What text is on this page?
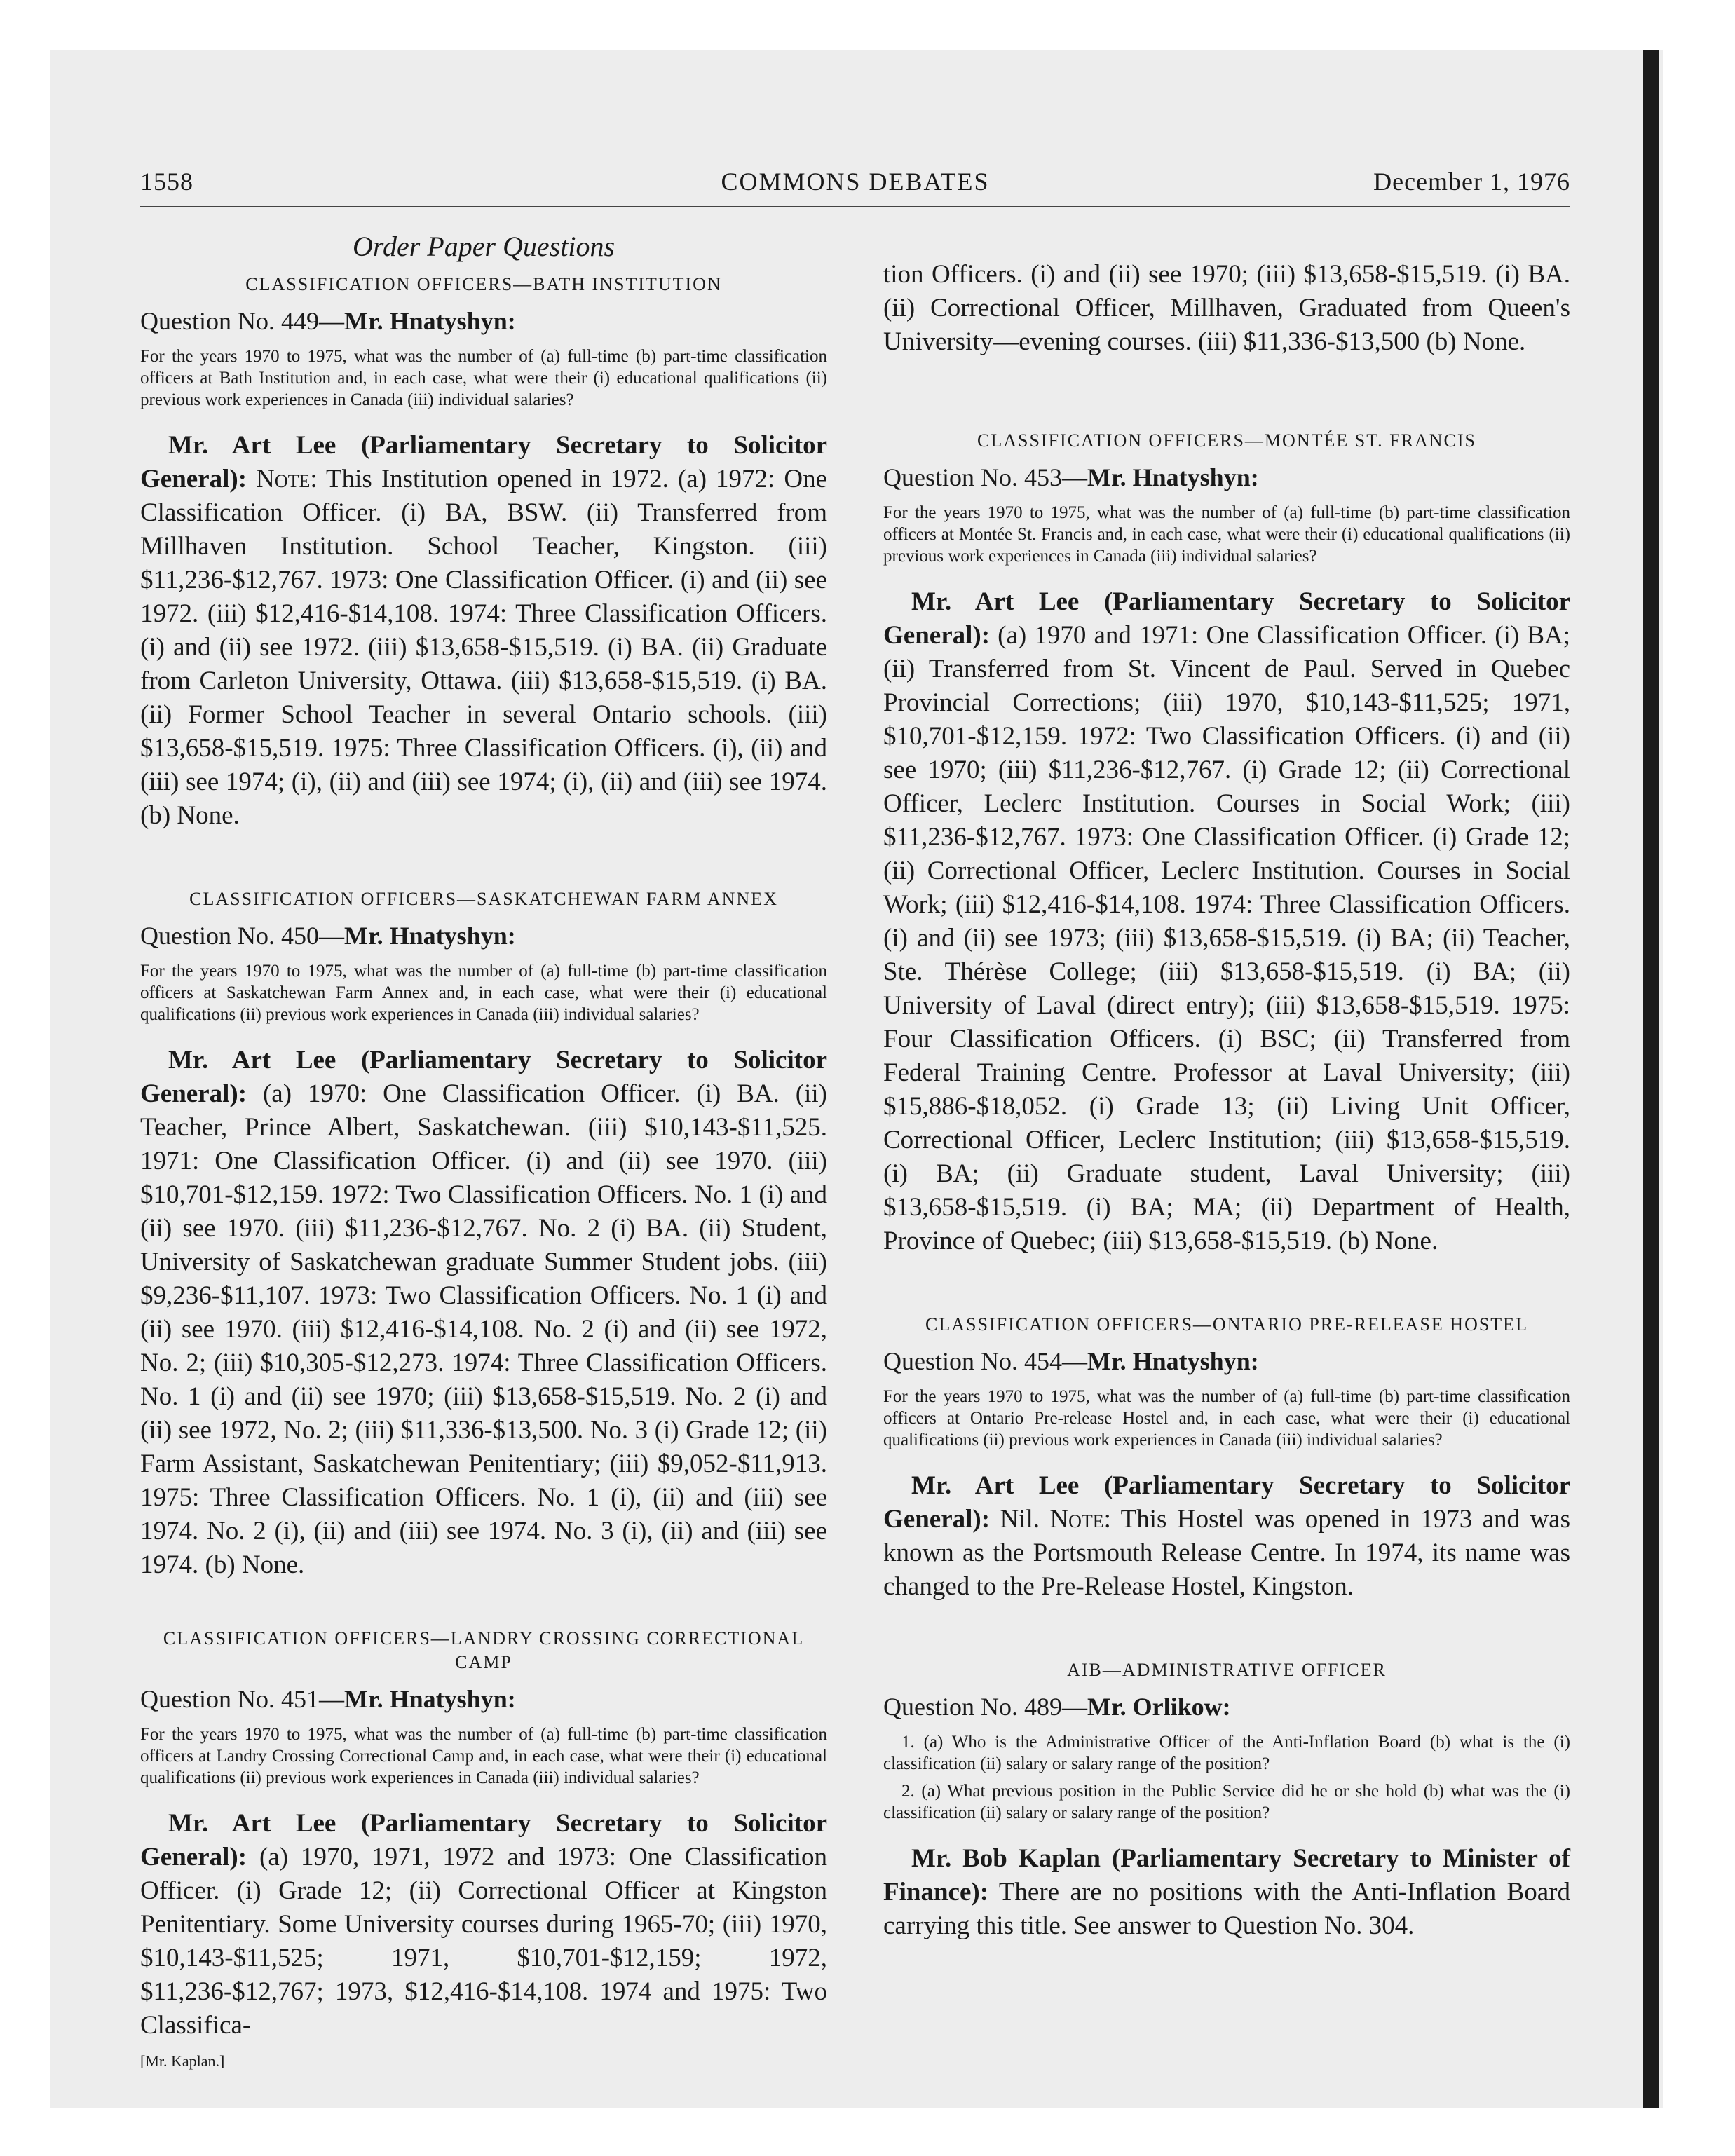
1558	COMMONS DEBATES	December 1, 1976
Order Paper Questions
CLASSIFICATION OFFICERS—BATH INSTITUTION
Question No. 449—Mr. Hnatyshyn:

For the years 1970 to 1975, what was the number of (a) full-time (b) part-time classification officers at Bath Institution and, in each case, what were their (i) educational qualifications (ii) previous work experiences in Canada (iii) individual salaries?

Mr. Art Lee (Parliamentary Secretary to Solicitor General): Note: This Institution opened in 1972. (a) 1972: One Classification Officer. (i) BA, BSW. (ii) Transferred from Millhaven Institution. School Teacher, Kingston. (iii) $11,236-$12,767. 1973: One Classification Officer. (i) and (ii) see 1972. (iii) $12,416-$14,108. 1974: Three Classification Officers. (i) and (ii) see 1972. (iii) $13,658-$15,519. (i) BA. (ii) Graduate from Carleton University, Ottawa. (iii) $13,658-$15,519. (i) BA. (ii) Former School Teacher in several Ontario schools. (iii) $13,658-$15,519. 1975: Three Classification Officers. (i), (ii) and (iii) see 1974; (i), (ii) and (iii) see 1974; (i), (ii) and (iii) see 1974. (b) None.

CLASSIFICATION OFFICERS—SASKATCHEWAN FARM ANNEX
Question No. 450—Mr. Hnatyshyn:

For the years 1970 to 1975, what was the number of (a) full-time (b) part-time classification officers at Saskatchewan Farm Annex and, in each case, what were their (i) educational qualifications (ii) previous work experiences in Canada (iii) individual salaries?

Mr. Art Lee (Parliamentary Secretary to Solicitor General): (a) 1970: One Classification Officer. (i) BA. (ii) Teacher, Prince Albert, Saskatchewan. (iii) $10,143-$11,525. 1971: One Classification Officer. (i) and (ii) see 1970. (iii) $10,701-$12,159. 1972: Two Classification Officers. No. 1 (i) and (ii) see 1970. (iii) $11,236-$12,767. No. 2 (i) BA. (ii) Student, University of Saskatchewan graduate Summer Student jobs. (iii) $9,236-$11,107. 1973: Two Classification Officers. No. 1 (i) and (ii) see 1970. (iii) $12,416-$14,108. No. 2 (i) and (ii) see 1972, No. 2; (iii) $10,305-$12,273. 1974: Three Classification Officers. No. 1 (i) and (ii) see 1970; (iii) $13,658-$15,519. No. 2 (i) and (ii) see 1972, No. 2; (iii) $11,336-$13,500. No. 3 (i) Grade 12; (ii) Farm Assistant, Saskatchewan Penitentiary; (iii) $9,052-$11,913. 1975: Three Classification Officers. No. 1 (i), (ii) and (iii) see 1974. No. 2 (i), (ii) and (iii) see 1974. No. 3 (i), (ii) and (iii) see 1974. (b) None.

CLASSIFICATION OFFICERS—LANDRY CROSSING CORRECTIONAL CAMP
Question No. 451—Mr. Hnatyshyn:

For the years 1970 to 1975, what was the number of (a) full-time (b) part-time classification officers at Landry Crossing Correctional Camp and, in each case, what were their (i) educational qualifications (ii) previous work experiences in Canada (iii) individual salaries?

Mr. Art Lee (Parliamentary Secretary to Solicitor General): (a) 1970, 1971, 1972 and 1973: One Classification Officer. (i) Grade 12; (ii) Correctional Officer at Kingston Penitentiary. Some University courses during 1965-70; (iii) 1970, $10,143-$11,525; 1971, $10,701-$12,159; 1972, $11,236-$12,767; 1973, $12,416-$14,108. 1974 and 1975: Two Classifica-

[Mr. Kaplan.]

tion Officers. (i) and (ii) see 1970; (iii) $13,658-$15,519. (i) BA. (ii) Correctional Officer, Millhaven, Graduated from Queen's University—evening courses. (iii) $11,336-$13,500 (b) None.

CLASSIFICATION OFFICERS—MONTÉE ST. FRANCIS
Question No. 453—Mr. Hnatyshyn:

For the years 1970 to 1975, what was the number of (a) full-time (b) part-time classification officers at Montée St. Francis and, in each case, what were their (i) educational qualifications (ii) previous work experiences in Canada (iii) individual salaries?

Mr. Art Lee (Parliamentary Secretary to Solicitor General): (a) 1970 and 1971: One Classification Officer. (i) BA; (ii) Transferred from St. Vincent de Paul. Served in Quebec Provincial Corrections; (iii) 1970, $10,143-$11,525; 1971, $10,701-$12,159. 1972: Two Classification Officers. (i) and (ii) see 1970; (iii) $11,236-$12,767. (i) Grade 12; (ii) Correctional Officer, Leclerc Institution. Courses in Social Work; (iii) $11,236-$12,767. 1973: One Classification Officer. (i) Grade 12; (ii) Correctional Officer, Leclerc Institution. Courses in Social Work; (iii) $12,416-$14,108. 1974: Three Classification Officers. (i) and (ii) see 1973; (iii) $13,658-$15,519. (i) BA; (ii) Teacher, Ste. Thérèse College; (iii) $13,658-$15,519. (i) BA; (ii) University of Laval (direct entry); (iii) $13,658-$15,519. 1975: Four Classification Officers. (i) BSC; (ii) Transferred from Federal Training Centre. Professor at Laval University; (iii) $15,886-$18,052. (i) Grade 13; (ii) Living Unit Officer, Correctional Officer, Leclerc Institution; (iii) $13,658-$15,519. (i) BA; (ii) Graduate student, Laval University; (iii) $13,658-$15,519. (i) BA; MA; (ii) Department of Health, Province of Quebec; (iii) $13,658-$15,519. (b) None.

CLASSIFICATION OFFICERS—ONTARIO PRE-RELEASE HOSTEL
Question No. 454—Mr. Hnatyshyn:

For the years 1970 to 1975, what was the number of (a) full-time (b) part-time classification officers at Ontario Pre-release Hostel and, in each case, what were their (i) educational qualifications (ii) previous work experiences in Canada (iii) individual salaries?

Mr. Art Lee (Parliamentary Secretary to Solicitor General): Nil. Note: This Hostel was opened in 1973 and was known as the Portsmouth Release Centre. In 1974, its name was changed to the Pre-Release Hostel, Kingston.

AIB—ADMINISTRATIVE OFFICER
Question No. 489—Mr. Orlikow:

1. (a) Who is the Administrative Officer of the Anti-Inflation Board (b) what is the (i) classification (ii) salary or salary range of the position?

2. (a) What previous position in the Public Service did he or she hold (b) what was the (i) classification (ii) salary or salary range of the position?

Mr. Bob Kaplan (Parliamentary Secretary to Minister of Finance): There are no positions with the Anti-Inflation Board carrying this title. See answer to Question No. 304.
